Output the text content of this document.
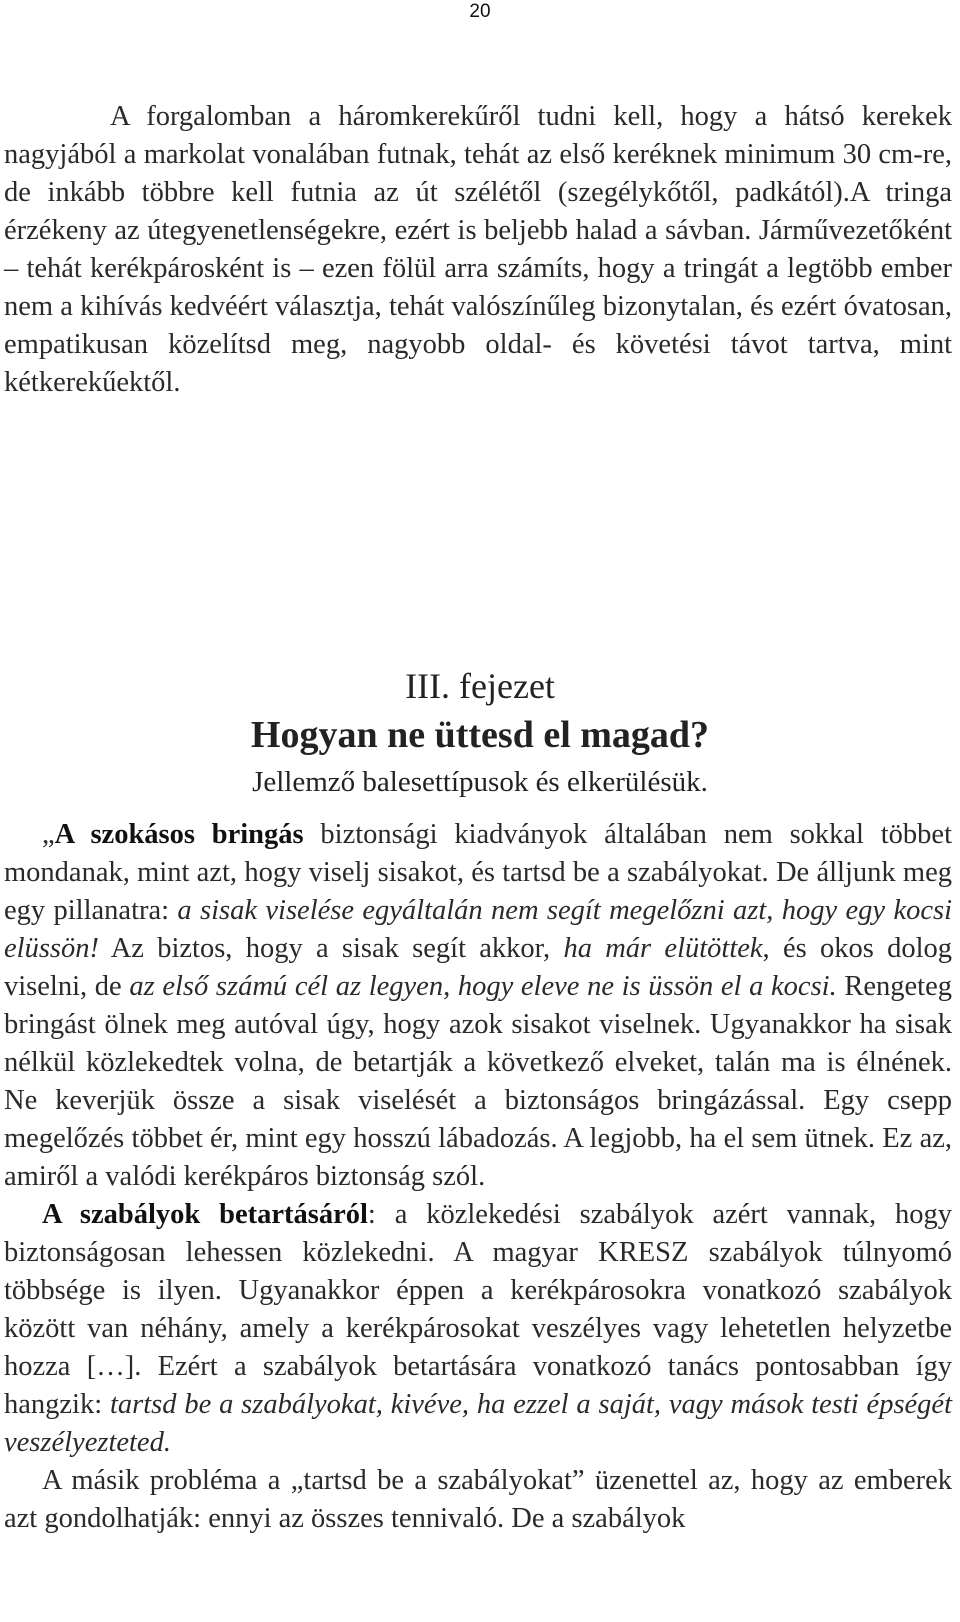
20
A forgalomban a háromkerekűről tudni kell, hogy a hátsó kerekek nagyjából a markolat vonalában futnak, tehát az első keréknek minimum 30 cm-re, de inkább többre kell futnia az út szélétől (szegélykőtől, padkától).A tringa érzékeny az útegyenetlenségekre, ezért is beljebb halad a sávban. Járművezetőként – tehát kerékpárosként is – ezen fölül arra számíts, hogy a tringát a legtöbb ember nem a kihívás kedvéért választja, tehát valószínűleg bizonytalan, és ezért óvatosan, empatikusan közelítsd meg, nagyobb oldal- és követési távot tartva, mint kétkerekűektől.
III. fejezet
Hogyan ne üttesd el magad?
Jellemző balesettípusok és elkerülésük.

„A szokásos bringás biztonsági kiadványok általában nem sokkal többet mondanak, mint azt, hogy viselj sisakot, és tartsd be a szabályokat. De álljunk meg egy pillanatra: a sisak viselése egyáltalán nem segít megelőzni azt, hogy egy kocsi elüssön! Az biztos, hogy a sisak segít akkor, ha már elütöttek, és okos dolog viselni, de az első számú cél az legyen, hogy eleve ne is üssön el a kocsi. Rengeteg bringást ölnek meg autóval úgy, hogy azok sisakot viselnek. Ugyanakkor ha sisak nélkül közlekedtek volna, de betartják a következő elveket, talán ma is élnének. Ne keverjük össze a sisak viselését a biztonságos bringázással. Egy csepp megelőzés többet ér, mint egy hosszú lábadozás. A legjobb, ha el sem ütnek. Ez az, amiről a valódi kerékpáros biztonság szól.

A szabályok betartásáról: a közlekedési szabályok azért vannak, hogy biztonságosan lehessen közlekedni. A magyar KRESZ szabályok túlnyomó többsége is ilyen. Ugyanakkor éppen a kerékpárosokra vonatkozó szabályok között van néhány, amely a kerékpárosokat veszélyes vagy lehetetlen helyzetbe hozza […]. Ezért a szabályok betartására vonatkozó tanács pontosabban így hangzik: tartsd be a szabályokat, kivéve, ha ezzel a saját, vagy mások testi épségét veszélyezteted.

A másik probléma a „tartsd be a szabályokat” üzenettel az, hogy az emberek azt gondolhatják: ennyi az összes tennivaló. De a szabályok
